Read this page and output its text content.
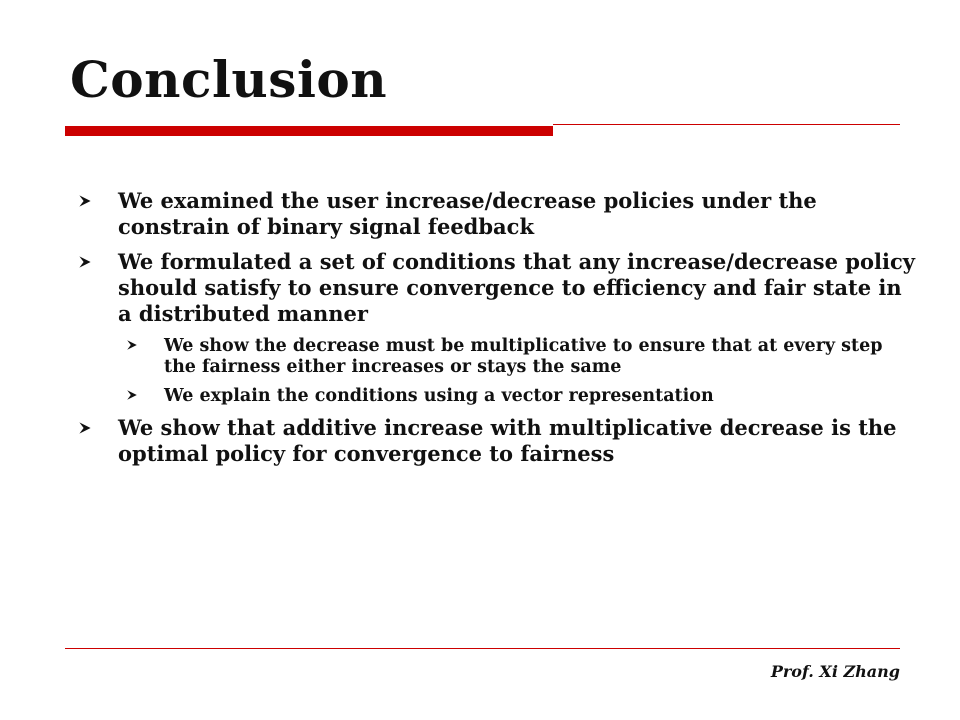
Conclusion
We examined the user increase/decrease policies under the constrain of binary signal feedback
We formulated a set of conditions that any increase/decrease policy should satisfy to ensure convergence to efficiency and fair state in a distributed manner
We show the decrease must be multiplicative to ensure that at every step the fairness either increases or stays the same
We explain the conditions using a vector representation
We show that additive increase with multiplicative decrease is the optimal policy for convergence to fairness
Prof. Xi Zhang
